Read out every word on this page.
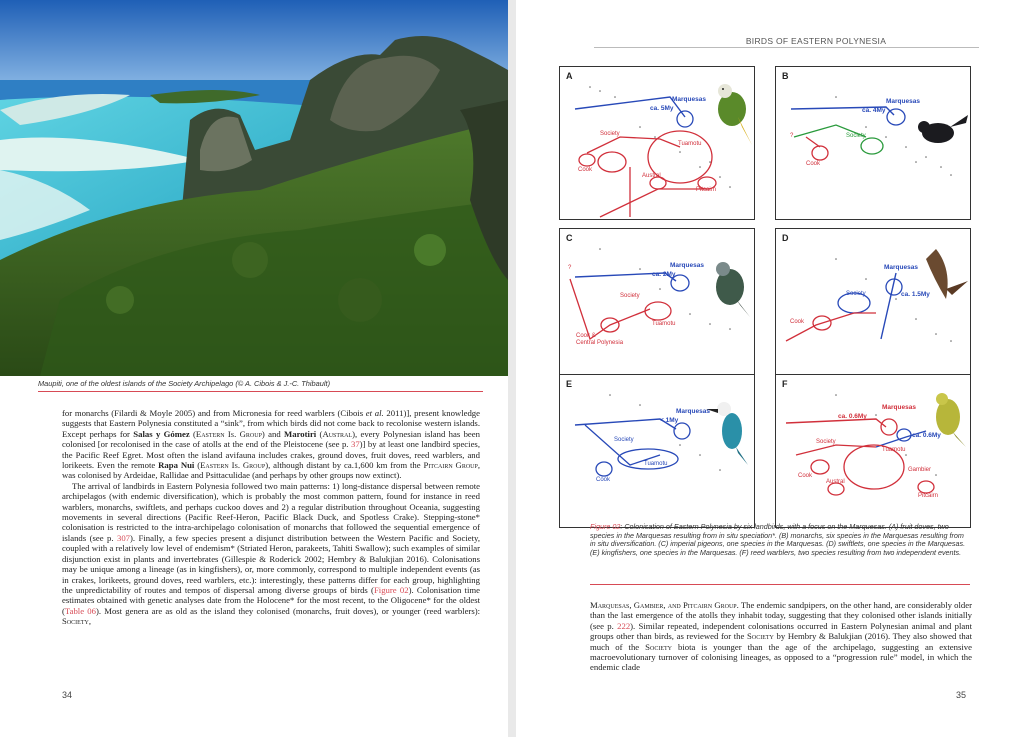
Maupiti, one of the oldest islands of the Society Archipelago (© A. Cibois & J.-C. Thibault)

for monarchs (Filardi & Moyle 2005) and from Micronesia for reed warblers (Cibois et al. 2011)], present knowledge suggests that Eastern Polynesia constituted a “sink”, from which birds did not come back to recolonise western islands. Except perhaps for Salas y Gómez (Eastern Is. Group) and Marotiri (Austral), every Polynesian island has been colonised [or recolonised in the case of atolls at the end of the Pleistocene (see p. 37)] by at least one landbird species, the Pacific Reef Egret. Most often the island avifauna includes crakes, ground doves, fruit doves, reed warblers, and lorikeets. Even the remote Rapa Nui (Eastern Is. Group), although distant by ca.1,600 km from the Pitcairn Group, was colonised by Ardeidae, Rallidae and Psittaculidae (and perhaps by other groups now extinct).

The arrival of landbirds in Eastern Polynesia followed two main patterns: 1) long-distance dispersal between remote archipelagos (with endemic diversification), which is probably the most common pattern, found for instance in reed warblers, monarchs, swiftlets, and perhaps cuckoo doves and 2) a regular distribution throughout Oceania, suggesting movements in several directions (Pacific Reef-Heron, Pacific Black Duck, and Spotless Crake). Stepping-stone* colonisation is restricted to the intra-archipelago colonisation of monarchs that followed the sequential emergence of islands (see p. 307). Finally, a few species present a disjunct distribution between the Western Pacific and Society, coupled with a relatively low level of endemism* (Striated Heron, parakeets, Tahiti Swallow); such examples of similar disjunction exist in plants and invertebrates (Gillespie & Roderick 2002; Hembry & Balukjian 2016). Colonisations may be unique among a lineage (as in kingfishers), or, more commonly, correspond to multiple independent events (as in crakes, lorikeets, ground doves, reed warblers, etc.): interestingly, these patterns differ for each group, highlighting the unpredictability of routes and tempos of dispersal among diverse groups of birds (Figure 02). Colonisation time estimates obtained with genetic analyses date from the Holocene* for the most recent, to the Oligocene* for the oldest (Table 06). Most genera are as old as the island they colonised (monarchs, fruit doves), or younger (reed warblers): Society,

34
BIRDS OF EASTERN POLYNESIA
A
ca. 5My
Marquesas
Society
Tuamotu
Cook
Austral
Pitcairn
B
ca. 4My
Marquesas
Society
?
Cook
C
ca. 2My
Marquesas
?
Society
Tuamotu
Cook &
Central Polynesia
D
Marquesas
ca. 1.5My
Society
Cook
E
< 1My
Marquesas
Society
Tuamotu
Cook
F
ca. 0.6My
Marquesas
ca. 0.6My
Society
Tuamotu
Gambier
Cook
Austral
Pitcairn
Figure 02: Colonisation of Eastern Polynesia by six landbirds, with a focus on the Marquesas. (A) fruit doves, two species in the Marquesas resulting from in situ speciation*. (B) monarchs, six species in the Marquesas resulting from in situ diversification. (C) imperial pigeons, one species in the Marquesas. (D) swiftlets, one species in the Marquesas. (E) kingfishers, one species in the Marquesas. (F) reed warblers, two species resulting from two independent events.

Marquesas, Gambier, and Pitcairn Group. The endemic sandpipers, on the other hand, are considerably older than the last emergence of the atolls they inhabit today, suggesting that they colonised other islands initially (see p. 222). Similar repeated, independent colonisations occurred in Eastern Polynesian animal and plant groups other than birds, as reviewed for the Society by Hembry & Balukjian (2016). They also showed that much of the Society biota is younger than the age of the archipelago, suggesting an extensive macroevolutionary turnover of colonising lineages, as opposed to a “progression rule” model, in which the endemic clade

35
